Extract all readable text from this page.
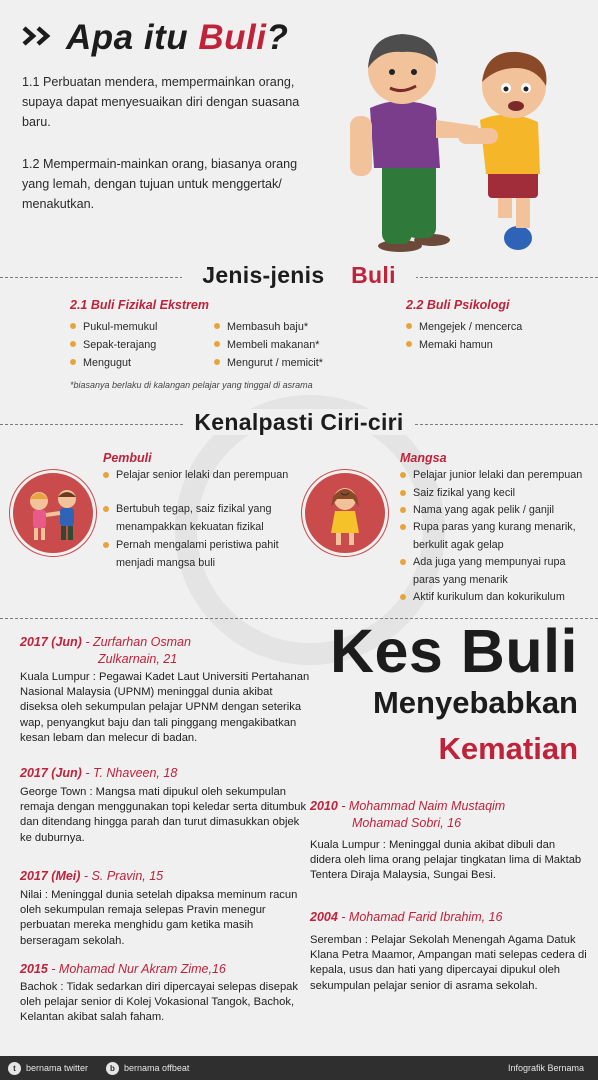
Apa itu Buli?
1.1 Perbuatan mendera, mempermainkan orang, supaya dapat menyesuaikan diri dengan suasana baru.
1.2 Mempermain-mainkan orang, biasanya orang yang lemah, dengan tujuan untuk menggertak/ menakutkan.
Jenis-jenis Buli
2.1 Buli Fizikal Ekstrem
Pukul-memukul
Sepak-terajang
Mengugut
Membasuh baju*
Membeli makanan*
Mengurut / memicit*
2.2 Buli Psikologi
Mengejek / mencerca
Memaki hamun
*biasanya berlaku di kalangan pelajar yang tinggal di asrama
Kenalpasti Ciri-ciri
Pembuli
Pelajar senior lelaki dan perempuan
Bertubuh tegap, saiz fizikal yang menampakkan kekuatan fizikal
Pernah mengalami peristiwa pahit menjadi mangsa buli
Mangsa
Pelajar junior lelaki dan perempuan
Saiz fizikal yang kecil
Nama yang agak pelik / ganjil
Rupa paras yang kurang menarik, berkulit agak gelap
Ada juga yang mempunyai rupa paras yang menarik
Aktif kurikulum dan kokurikulum
Kes Buli
Menyebabkan
Kematian
2017 (Jun) - Zurfarhan Osman
Zulkarnain, 21
Kuala Lumpur : Pegawai Kadet Laut Universiti Pertahanan Nasional Malaysia (UPNM) meninggal dunia akibat diseksa oleh sekumpulan pelajar UPNM dengan seterika wap, penyangkut baju dan tali pinggang mengakibatkan kesan lebam dan melecur di badan.
2017 (Jun) - T. Nhaveen, 18
George Town : Mangsa mati dipukul oleh sekumpulan remaja dengan menggunakan topi keledar serta ditumbuk dan ditendang hingga parah dan turut dimasukkan objek ke duburnya.
2017 (Mei) - S. Pravin, 15
Nilai : Meninggal dunia setelah dipaksa meminum racun oleh sekumpulan remaja selepas Pravin menegur perbuatan mereka menghidu gam ketika masih berseragam sekolah.
2015 - Mohamad Nur Akram Zime,16
Bachok : Tidak sedarkan diri dipercayai selepas disepak oleh pelajar senior di Kolej Vokasional Tangok, Bachok, Kelantan akibat salah faham.
2010 - Mohammad Naim Mustaqim
Mohamad Sobri, 16
Kuala Lumpur : Meninggal dunia akibat dibuli dan didera oleh lima orang pelajar tingkatan lima di Maktab Tentera Diraja Malaysia, Sungai Besi.
2004 - Mohamad Farid Ibrahim, 16
Seremban : Pelajar Sekolah Menengah Agama Datuk Klana Petra Maamor, Ampangan mati selepas cedera di kepala, usus dan hati yang dipercayai dipukul oleh sekumpulan pelajar senior di asrama sekolah.
t	bernama twitter	b	bernama offbeat	Infografik Bernama
